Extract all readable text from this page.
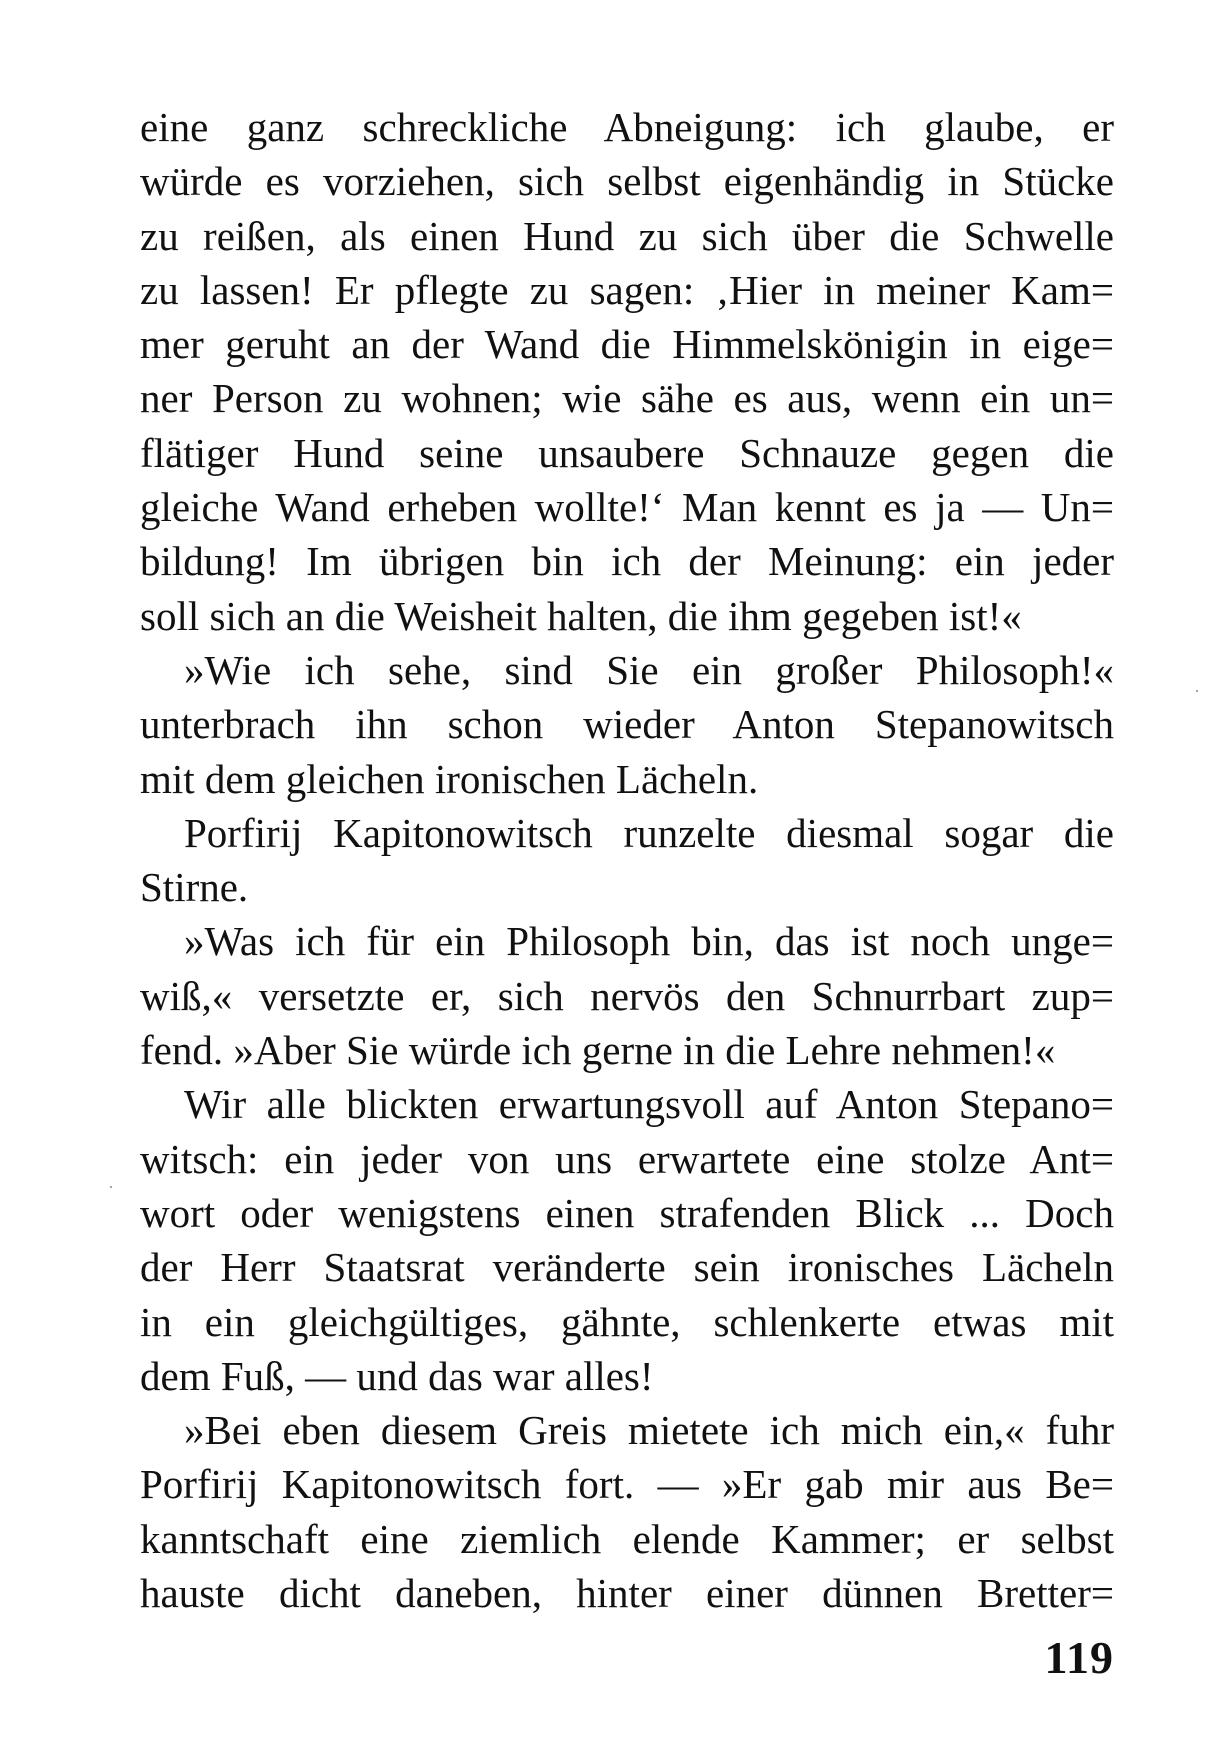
eine ganz schreckliche Abneigung: ich glaube, er
würde es vorziehen, sich selbst eigenhändig in Stücke
zu reißen, als einen Hund zu sich über die Schwelle
zu lassen! Er pflegte zu sagen: ‚Hier in meiner Kam=
mer geruht an der Wand die Himmelskönigin in eige=
ner Person zu wohnen; wie sähe es aus, wenn ein un=
flätiger Hund seine unsaubere Schnauze gegen die
gleiche Wand erheben wollte!‘ Man kennt es ja — Un=
bildung! Im übrigen bin ich der Meinung: ein jeder
soll sich an die Weisheit halten, die ihm gegeben ist!«
»Wie ich sehe, sind Sie ein großer Philosoph!«
unterbrach ihn schon wieder Anton Stepanowitsch
mit dem gleichen ironischen Lächeln.
Porfirij Kapitonowitsch runzelte diesmal sogar die
Stirne.
»Was ich für ein Philosoph bin, das ist noch unge=
wiß,« versetzte er, sich nervös den Schnurrbart zup=
fend. »Aber Sie würde ich gerne in die Lehre nehmen!«
Wir alle blickten erwartungsvoll auf Anton Stepano=
witsch: ein jeder von uns erwartete eine stolze Ant=
wort oder wenigstens einen strafenden Blick ... Doch
der Herr Staatsrat veränderte sein ironisches Lächeln
in ein gleichgültiges, gähnte, schlenkerte etwas mit
dem Fuß, — und das war alles!
»Bei eben diesem Greis mietete ich mich ein,« fuhr
Porfirij Kapitonowitsch fort. — »Er gab mir aus Be=
kanntschaft eine ziemlich elende Kammer; er selbst
hauste dicht daneben, hinter einer dünnen Bretter=
119
